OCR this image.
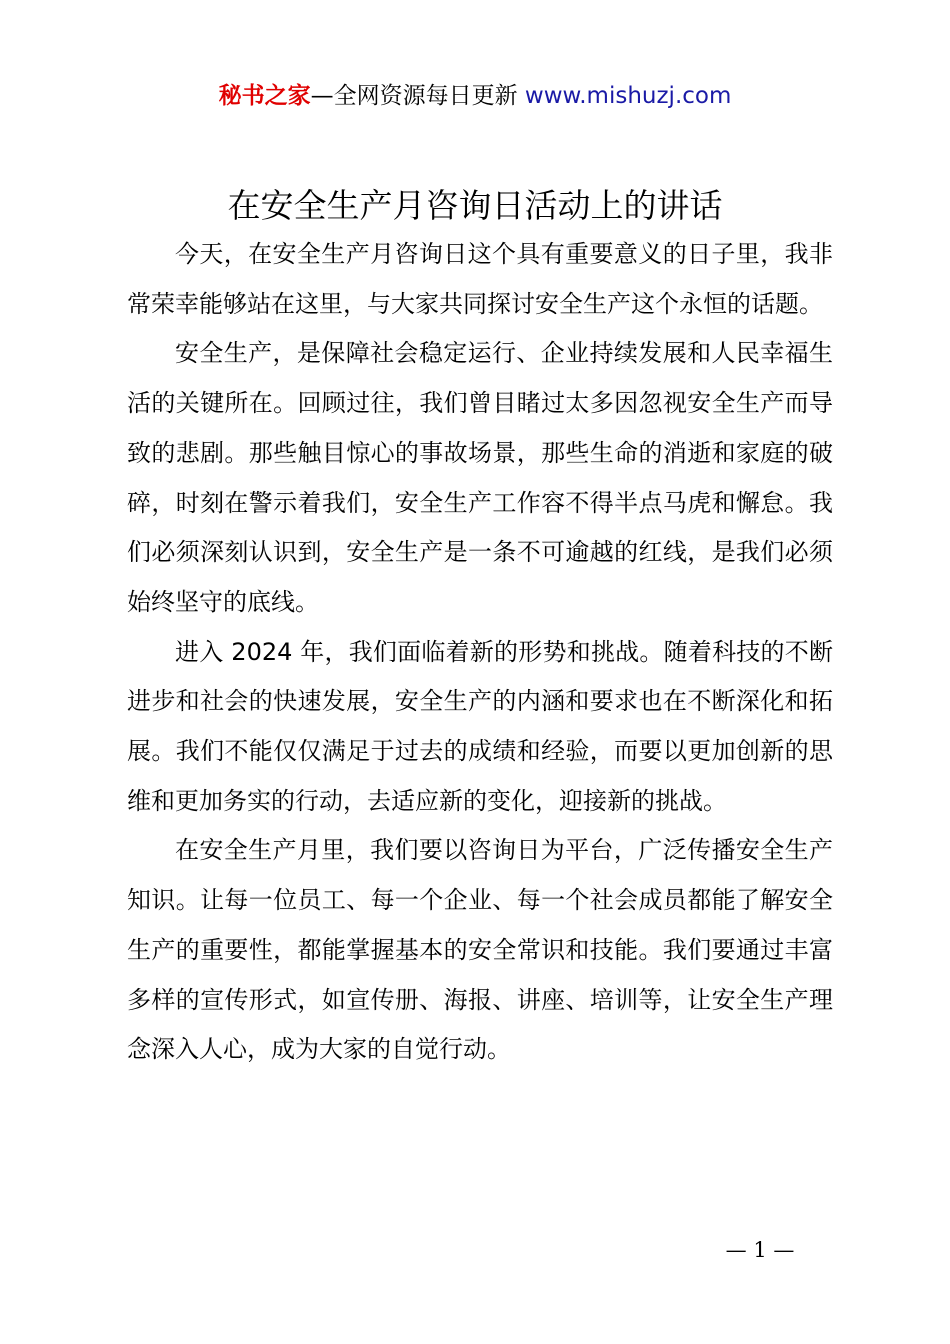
秘书之家—全网资源每日更新 www.mishuzj.com
在安全生产月咨询日活动上的讲话

今天，在安全生产月咨询日这个具有重要意义的日子里，我非常荣幸能够站在这里，与大家共同探讨安全生产这个永恒的话题。

安全生产，是保障社会稳定运行、企业持续发展和人民幸福生活的关键所在。回顾过往，我们曾目睹过太多因忽视安全生产而导致的悲剧。那些触目惊心的事故场景，那些生命的消逝和家庭的破碎，时刻在警示着我们，安全生产工作容不得半点马虎和懈怠。我们必须深刻认识到，安全生产是一条不可逾越的红线，是我们必须始终坚守的底线。

进入 2024 年，我们面临着新的形势和挑战。随着科技的不断进步和社会的快速发展，安全生产的内涵和要求也在不断深化和拓展。我们不能仅仅满足于过去的成绩和经验，而要以更加创新的思维和更加务实的行动，去适应新的变化，迎接新的挑战。

在安全生产月里，我们要以咨询日为平台，广泛传播安全生产知识。让每一位员工、每一个企业、每一个社会成员都能了解安全生产的重要性，都能掌握基本的安全常识和技能。我们要通过丰富多样的宣传形式，如宣传册、海报、讲座、培训等，让安全生产理念深入人心，成为大家的自觉行动。

— 1 —
